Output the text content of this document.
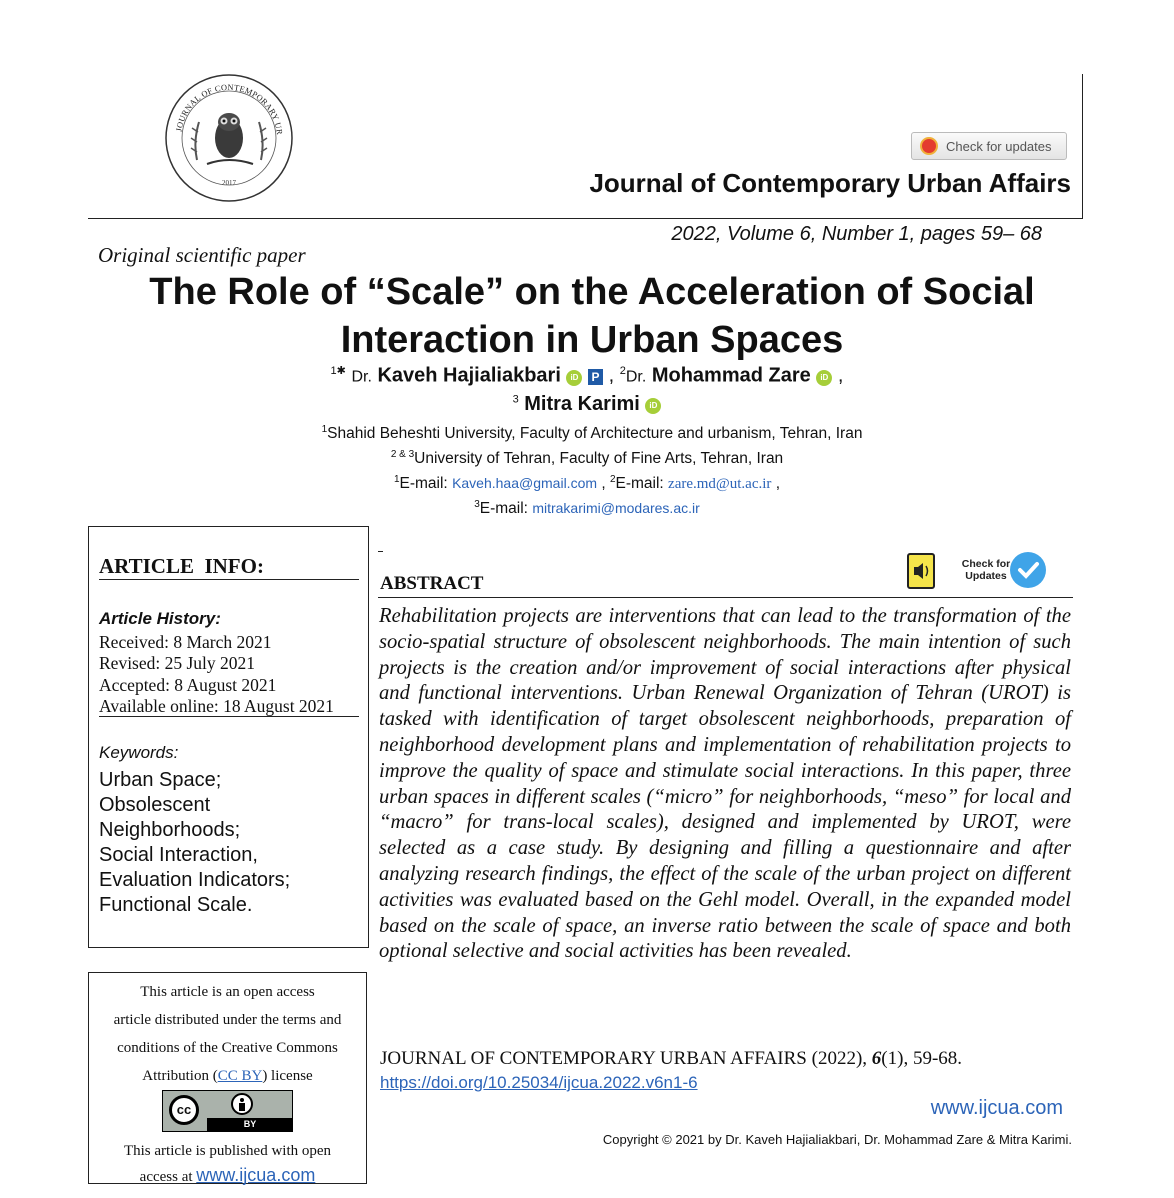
JOURNAL OF CONTEMPORARY UR
2017
Check for updates
Journal of Contemporary Urban Affairs
2022, Volume 6, Number 1, pages 59– 68
Original scientific paper
The Role of “Scale” on the Acceleration of Social
Interaction in Urban Spaces
$^{1✱}$ Dr. Kaveh Hajialiakbari iD P , $^2$Dr. Mohammad Zare iD ,
$^3$ Mitra Karimi iD
$^1$Shahid Beheshti University, Faculty of Architecture and urbanism, Tehran, Iran
$^{2 \& 3}$University of Tehran, Faculty of Fine Arts, Tehran, Iran
$^1$E-mail: Kaveh.haa@gmail.com , $^2$E-mail: zare.md@ut.ac.ir ,
$^3$E-mail: mitrakarimi@modares.ac.ir
ARTICLE  INFO:
Article History:
Received: 8 March 2021
Revised: 25 July 2021
Accepted: 8 August 2021
Available online: 18 August 2021
Keywords:
Urban Space;
Obsolescent
Neighborhoods;
Social Interaction,
Evaluation Indicators;
Functional Scale.
This article is an open access
article distributed under the terms and
conditions of the Creative Commons
Attribution (CC BY) license
cc
BY
This article is published with open
access at www.ijcua.com
ABSTRACT
Check for Updates
Rehabilitation projects are interventions that can lead to the transformation of the socio-spatial structure of obsolescent neighborhoods. The main intention of such projects is the creation and/or improvement of social interactions after physical and functional interventions. Urban Renewal Organization of Tehran (UROT) is tasked with identification of target obsolescent neighborhoods, preparation of neighborhood development plans and implementation of rehabilitation projects to improve the quality of space and stimulate social interactions. In this paper, three urban spaces in different scales (“micro” for neighborhoods, “meso” for local and “macro” for trans-local scales), designed and implemented by UROT, were selected as a case study. By designing and filling a questionnaire and after analyzing research findings, the effect of the scale of the urban project on different activities was evaluated based on the Gehl model. Overall, in the expanded model based on the scale of space, an inverse ratio between the scale of space and both optional selective and social activities has been revealed.
JOURNAL OF CONTEMPORARY URBAN AFFAIRS (2022), 6(1), 59-68.
https://doi.org/10.25034/ijcua.2022.v6n1-6
www.ijcua.com
Copyright © 2021 by Dr. Kaveh Hajialiakbari, Dr. Mohammad Zare & Mitra Karimi.
